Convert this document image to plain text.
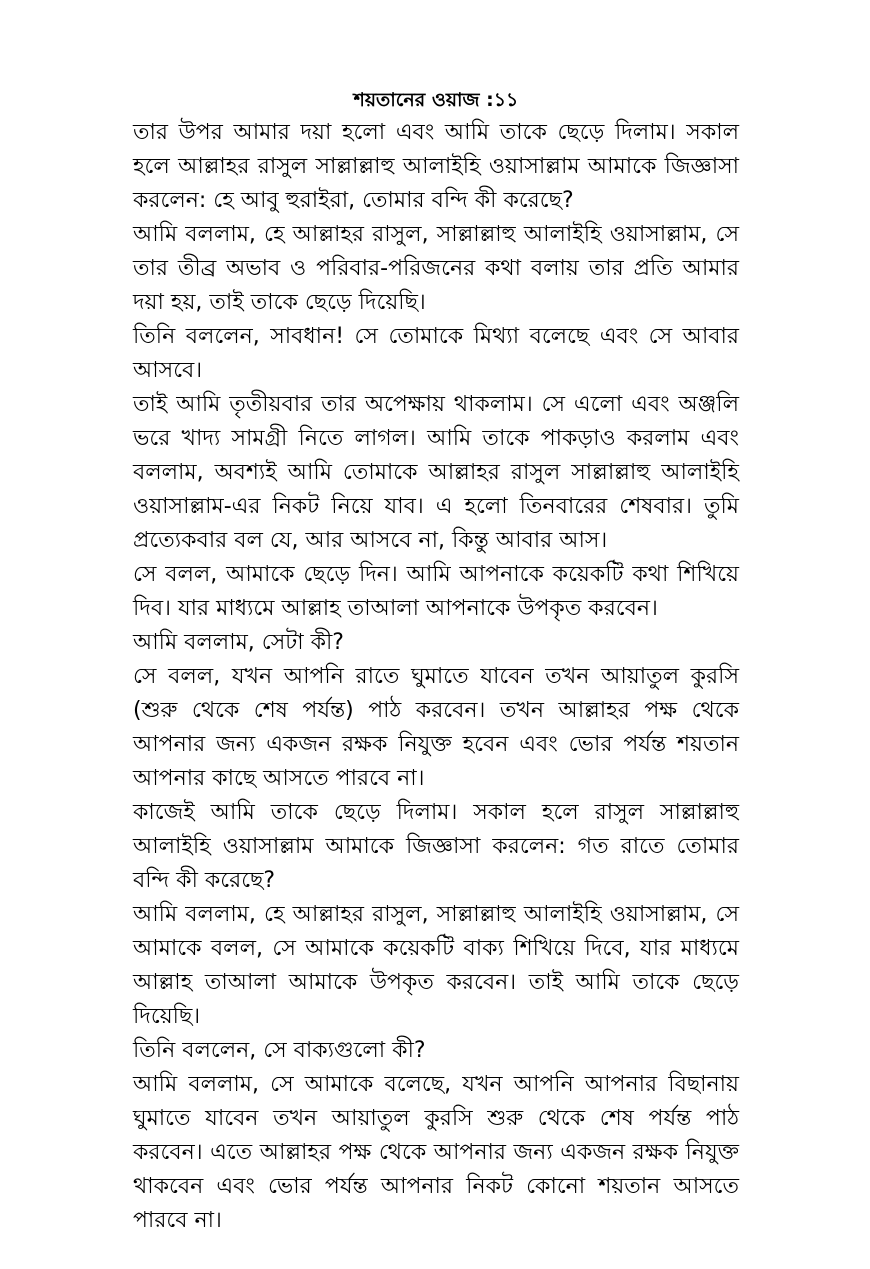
শয়তানের ওয়াজ :১১

তার উপর আমার দয়া হলো এবং আমি তাকে ছেড়ে দিলাম। সকাল হলে আল্লাহর রাসুল সাল্লাল্লাহু আলাইহি ওয়াসাল্লাম আমাকে জিজ্ঞাসা করলেন: হে আবু হুরাইরা, তোমার বন্দি কী করেছে?

আমি বললাম, হে আল্লাহর রাসুল, সাল্লাল্লাহু আলাইহি ওয়াসাল্লাম, সে তার তীব্র অভাব ও পরিবার-পরিজনের কথা বলায় তার প্রতি আমার দয়া হয়, তাই তাকে ছেড়ে দিয়েছি।

তিনি বললেন, সাবধান! সে তোমাকে মিথ্যা বলেছে এবং সে আবার আসবে।

তাই আমি তৃতীয়বার তার অপেক্ষায় থাকলাম। সে এলো এবং অঞ্জলি ভরে খাদ্য সামগ্রী নিতে লাগল। আমি তাকে পাকড়াও করলাম এবং বললাম, অবশ্যই আমি তোমাকে আল্লাহর রাসুল সাল্লাল্লাহু আলাইহি ওয়াসাল্লাম-এর নিকট নিয়ে যাব। এ হলো তিনবারের শেষবার। তুমি প্রত্যেকবার বল যে, আর আসবে না, কিন্তু আবার আস।

সে বলল, আমাকে ছেড়ে দিন। আমি আপনাকে কয়েকটি কথা শিখিয়ে দিব। যার মাধ্যমে আল্লাহ তাআলা আপনাকে উপকৃত করবেন।

আমি বললাম, সেটা কী?

সে বলল, যখন আপনি রাতে ঘুমাতে যাবেন তখন আয়াতুল কুরসি (শুরু থেকে শেষ পর্যন্ত) পাঠ করবেন। তখন আল্লাহর পক্ষ থেকে আপনার জন্য একজন রক্ষক নিযুক্ত হবেন এবং ভোর পর্যন্ত শয়তান আপনার কাছে আসতে পারবে না।

কাজেই আমি তাকে ছেড়ে দিলাম। সকাল হলে রাসুল সাল্লাল্লাহু আলাইহি ওয়াসাল্লাম আমাকে জিজ্ঞাসা করলেন: গত রাতে তোমার বন্দি কী করেছে?

আমি বললাম, হে আল্লাহর রাসুল, সাল্লাল্লাহু আলাইহি ওয়াসাল্লাম, সে আমাকে বলল, সে আমাকে কয়েকটি বাক্য শিখিয়ে দিবে, যার মাধ্যমে আল্লাহ তাআলা আমাকে উপকৃত করবেন। তাই আমি তাকে ছেড়ে দিয়েছি।

তিনি বললেন, সে বাক্যগুলো কী?

আমি বললাম, সে আমাকে বলেছে, যখন আপনি আপনার বিছানায় ঘুমাতে যাবেন তখন আয়াতুল কুরসি শুরু থেকে শেষ পর্যন্ত পাঠ করবেন। এতে আল্লাহর পক্ষ থেকে আপনার জন্য একজন রক্ষক নিযুক্ত থাকবেন এবং ভোর পর্যন্ত আপনার নিকট কোনো শয়তান আসতে পারবে না।
